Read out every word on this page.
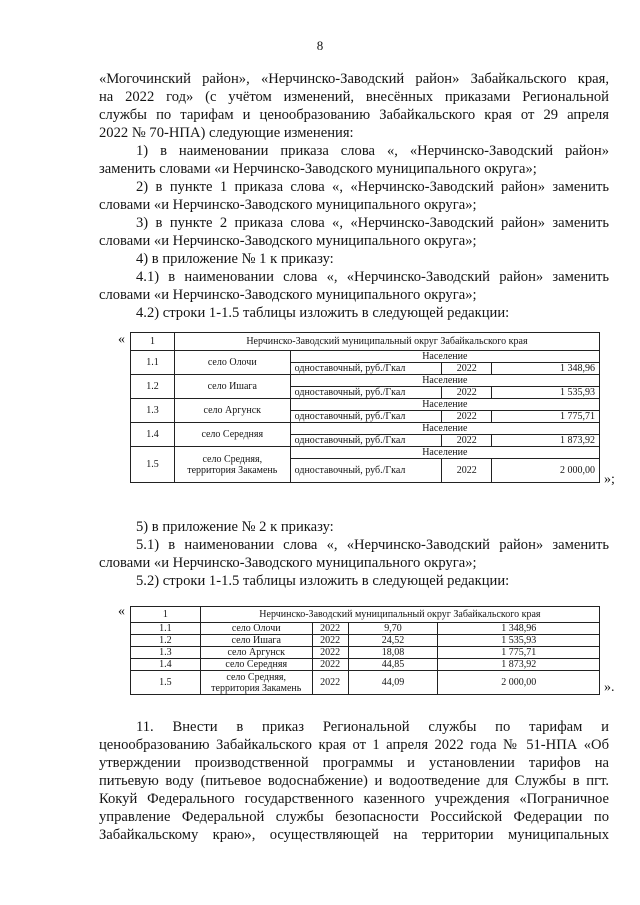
8
«Могочинский район», «Нерчинско-Заводский район» Забайкальского края,
на 2022 год» (с учётом изменений, внесённых приказами Региональной
службы по тарифам и ценообразованию Забайкальского края от 29 апреля
2022 № 70-НПА) следующие изменения:
1) в наименовании приказа слова «, «Нерчинско-Заводский район»
заменить словами «и Нерчинско-Заводского муниципального округа»;
2) в пункте 1 приказа слова «, «Нерчинско-Заводский район» заменить
словами «и Нерчинско-Заводского муниципального округа»;
3) в пункте 2 приказа слова «, «Нерчинско-Заводский район» заменить
словами «и Нерчинско-Заводского муниципального округа»;
4) в приложение № 1 к приказу:
4.1) в наименовании слова «, «Нерчинско-Заводский район» заменить
словами «и Нерчинско-Заводского муниципального округа»;
4.2) строки 1-1.5 таблицы изложить в следующей редакции:
« 1	Нерчинско-Заводский муниципальный округ Забайкальского края			
1.1	село Олочи	Население		
		одноставочный, руб./Гкал	2022	1 348,96
1.2	село Ишага	Население		
		одноставочный, руб./Гкал	2022	1 535,93
1.3	село Аргунск	Население		
		одноставочный, руб./Гкал	2022	1 775,71
1.4	село Середняя	Население		
		одноставочный, руб./Гкал	2022	1 873,92
1.5	село Средняя, территория Закамень	Население		
		одноставочный, руб./Гкал	2022	2 000,00
»;
5) в приложение № 2 к приказу:
5.1) в наименовании слова «, «Нерчинско-Заводский район» заменить
словами «и Нерчинско-Заводского муниципального округа»;
5.2) строки 1-1.5 таблицы изложить в следующей редакции:
«	1	Нерчинско-Заводский муниципальный округ Забайкальского края			
1.1	село Олочи	2022	9,70	1 348,96
1.2	село Ишага	2022	24,52	1 535,93
1.3	село Аргунск	2022	18,08	1 775,71
1.4	село Середняя	2022	44,85	1 873,92
1.5	село Средняя, территория Закамень	2022	44,09	2 000,00	».
11. Внести в приказ Региональной службы по тарифам и
ценообразованию Забайкальского края от 1 апреля 2022 года № 51-НПА «Об
утверждении производственной программы и установлении тарифов на
питьевую воду (питьевое водоснабжение) и водоотведение для Службы в пгт.
Кокуй Федерального государственного казенного учреждения «Пограничное
управление Федеральной службы безопасности Российской Федерации по
Забайкальскому краю», осуществляющей на территории муниципальных
